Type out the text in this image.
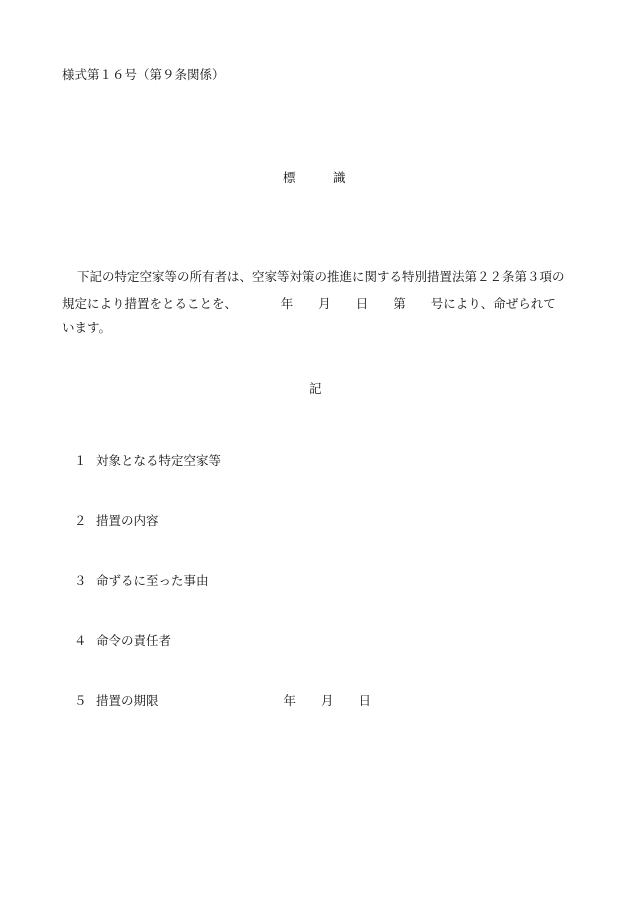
様式第１６号（第９条関係）
標　　　識
下記の特定空家等の所有者は、空家等対策の推進に関する特別措置法第２２条第３項の
規定により措置をとることを、　　　　年　　月　　日　　第　　号により、命ぜられて
います。
記

１ 対象となる特定空家等

２ 措置の内容

３ 命ずるに至った事由

４ 命令の責任者

５ 措置の期限　　　　　　　　　　年　　月　　日
